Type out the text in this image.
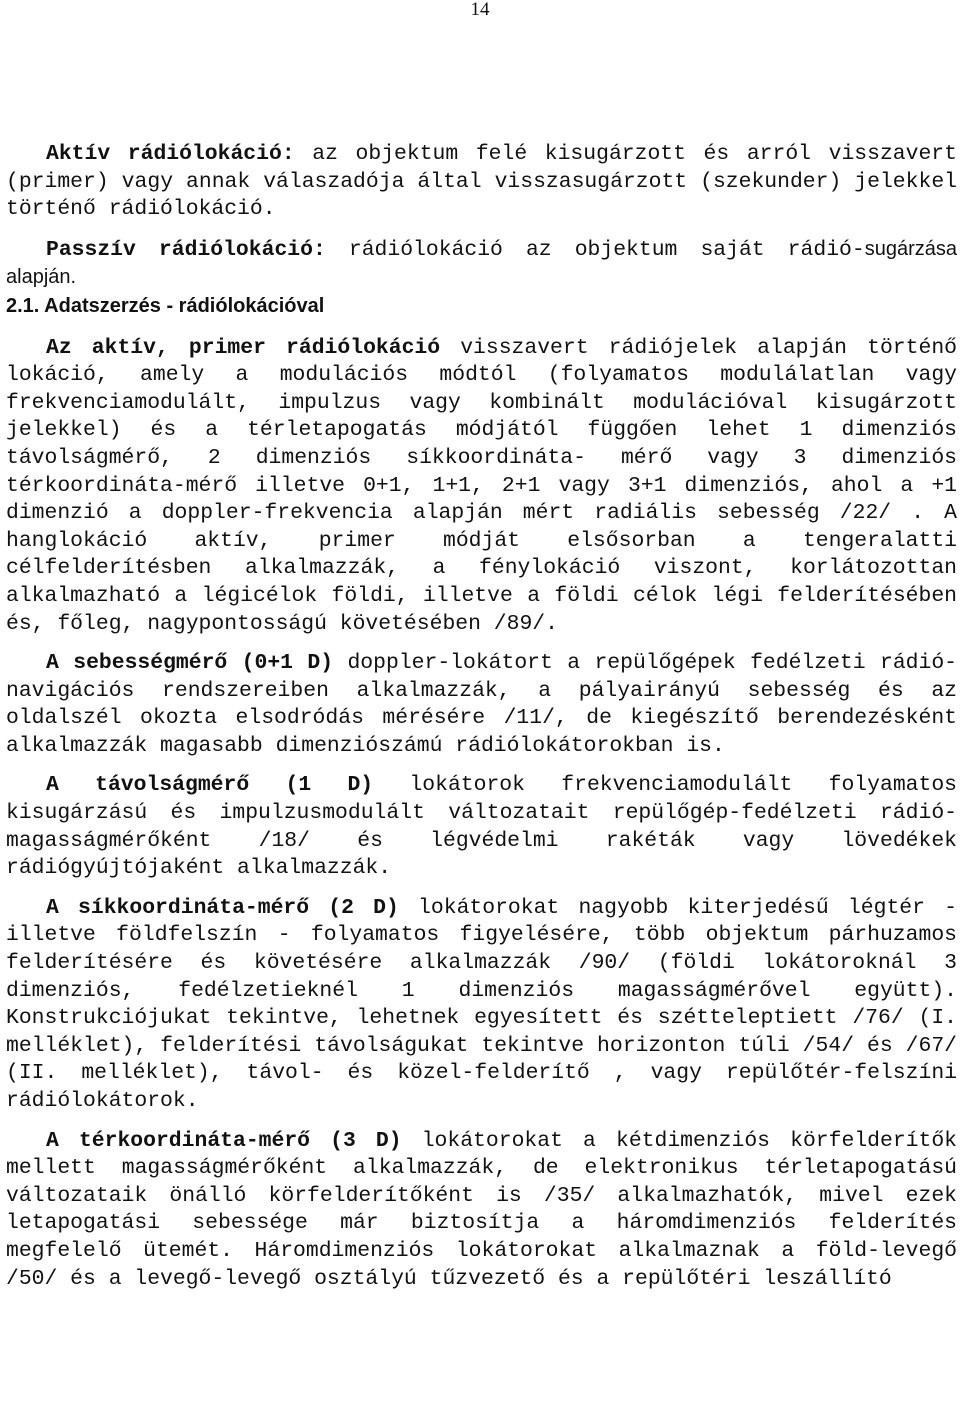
14

Aktív rádiólokáció: az objektum felé kisugárzott és arról visszavert (primer) vagy annak válaszadója által visszasugárzott (szekunder) jelekkel történő rádiólokáció.

Passzív rádiólokáció: rádiólokáció az objektum saját rádió-sugárzása alapján.

2.1. Adatszerzés - rádiólokációval

Az aktív, primer rádiólokáció visszavert rádiójelek alapján történő lokáció, amely a modulációs módtól (folyamatos modulálatlan vagy frekvenciamodulált, impulzus vagy kombinált modulációval kisugárzott jelekkel) és a térletapogatás módjától függően lehet 1 dimenziós távolságmérő, 2 dimenziós síkkoordináta- mérő vagy 3 dimenziós térkoordináta-mérő illetve 0+1, 1+1, 2+1 vagy 3+1 dimenziós, ahol a +1 dimenzió a doppler-frekvencia alapján mért radiális sebesség /22/ . A hanglokáció aktív, primer módját elsősorban a tengeralatti célfelderítésben alkalmazzák, a fénylokáció viszont, korlátozottan alkalmazható a légicélok földi, illetve a földi célok légi felderítésében és, főleg, nagypontosságú követésében /89/.

A sebességmérő (0+1 D) doppler-lokátort a repülőgépek fedélzeti rádió-navigációs rendszereiben alkalmazzák, a pályairányú sebesség és az oldalszél okozta elsodródás mérésére /11/, de kiegészítő berendezésként alkalmazzák magasabb dimenziószámú rádiólokátorokban is.

A távolságmérő (1 D) lokátorok frekvenciamodulált folyamatos kisugárzású és impulzusmodulált változatait repülőgép-fedélzeti rádió-magasságmérőként /18/ és légvédelmi rakéták vagy lövedékek rádiógyújtójaként alkalmazzák.

A síkkoordináta-mérő (2 D) lokátorokat nagyobb kiterjedésű légtér - illetve földfelszín - folyamatos figyelésére, több objektum párhuzamos felderítésére és követésére alkalmazzák /90/ (földi lokátoroknál 3 dimenziós, fedélzetieknél 1 dimenziós magasságmérővel együtt). Konstrukciójukat tekintve, lehetnek egyesített és szétteleptiett /76/ (I. melléklet), felderítési távolságukat tekintve horizonton túli /54/ és /67/ (II. melléklet), távol- és közel-felderítő , vagy repülőtér-felszíni rádiólokátorok.

A térkoordináta-mérő (3 D) lokátorokat a kétdimenziós körfelderítők mellett magasságmérőként alkalmazzák, de elektronikus térletapogatású változataik önálló körfelderítőként is /35/ alkalmazhatók, mivel ezek letapogatási sebessége már biztosítja a háromdimenziós felderítés megfelelő ütemét. Háromdimenziós lokátorokat alkalmaznak a föld-levegő /50/ és a levegő-levegő osztályú tűzvezető és a repülőtéri leszállító
